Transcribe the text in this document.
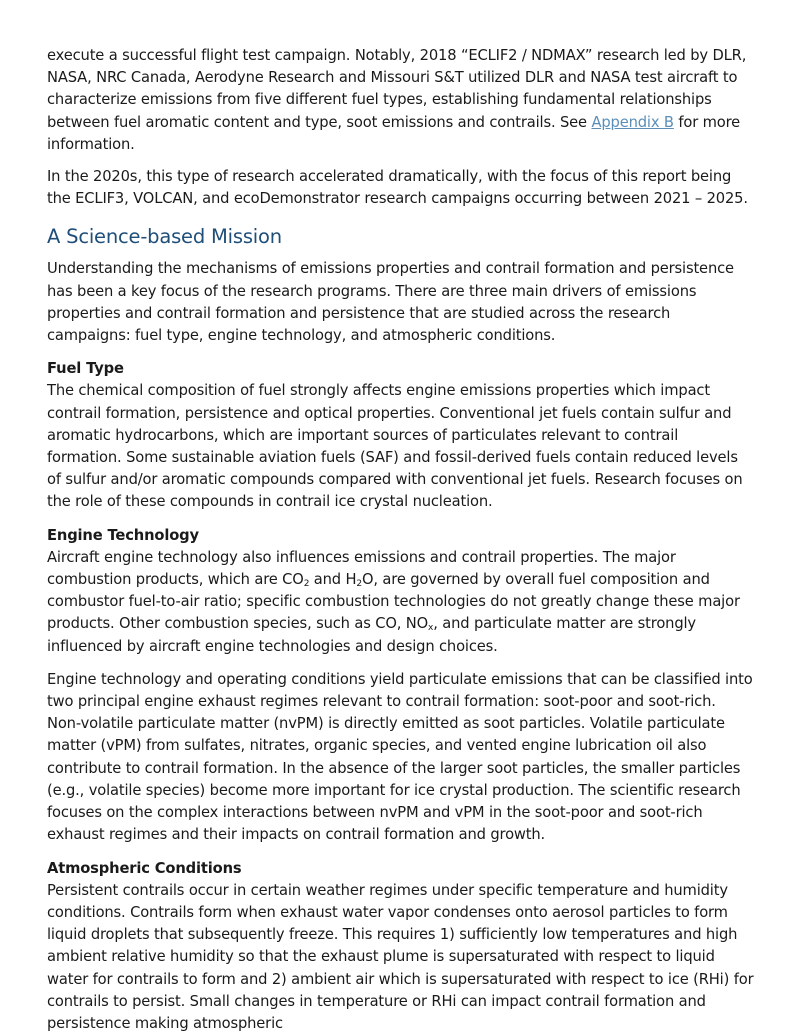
execute a successful flight test campaign. Notably, 2018 “ECLIF2 / NDMAX” research led by DLR, NASA, NRC Canada, Aerodyne Research and Missouri S&T utilized DLR and NASA test aircraft to characterize emissions from five different fuel types, establishing fundamental relationships between fuel aromatic content and type, soot emissions and contrails. See Appendix B for more information.

In the 2020s, this type of research accelerated dramatically, with the focus of this report being the ECLIF3, VOLCAN, and ecoDemonstrator research campaigns occurring between 2021 – 2025.

A Science-based Mission

Understanding the mechanisms of emissions properties and contrail formation and persistence has been a key focus of the research programs. There are three main drivers of emissions properties and contrail formation and persistence that are studied across the research campaigns: fuel type, engine technology, and atmospheric conditions.

Fuel Type
The chemical composition of fuel strongly affects engine emissions properties which impact contrail formation, persistence and optical properties. Conventional jet fuels contain sulfur and aromatic hydrocarbons, which are important sources of particulates relevant to contrail formation. Some sustainable aviation fuels (SAF) and fossil-derived fuels contain reduced levels of sulfur and/or aromatic compounds compared with conventional jet fuels. Research focuses on the role of these compounds in contrail ice crystal nucleation.

Engine Technology
Aircraft engine technology also influences emissions and contrail properties. The major combustion products, which are $CO_2$ and $H_2O$, are governed by overall fuel composition and combustor fuel-to-air ratio; specific combustion technologies do not greatly change these major products. Other combustion species, such as CO, $NO_x$, and particulate matter are strongly influenced by aircraft engine technologies and design choices.

Engine technology and operating conditions yield particulate emissions that can be classified into two principal engine exhaust regimes relevant to contrail formation: soot-poor and soot-rich. Non-volatile particulate matter (nvPM) is directly emitted as soot particles. Volatile particulate matter (vPM) from sulfates, nitrates, organic species, and vented engine lubrication oil also contribute to contrail formation. In the absence of the larger soot particles, the smaller particles (e.g., volatile species) become more important for ice crystal production. The scientific research focuses on the complex interactions between nvPM and vPM in the soot-poor and soot-rich exhaust regimes and their impacts on contrail formation and growth.

Atmospheric Conditions
Persistent contrails occur in certain weather regimes under specific temperature and humidity conditions. Contrails form when exhaust water vapor condenses onto aerosol particles to form liquid droplets that subsequently freeze. This requires 1) sufficiently low temperatures and high ambient relative humidity so that the exhaust plume is supersaturated with respect to liquid water for contrails to form and 2) ambient air which is supersaturated with respect to ice (RHi) for contrails to persist. Small changes in temperature or RHi can impact contrail formation and persistence making atmospheric
